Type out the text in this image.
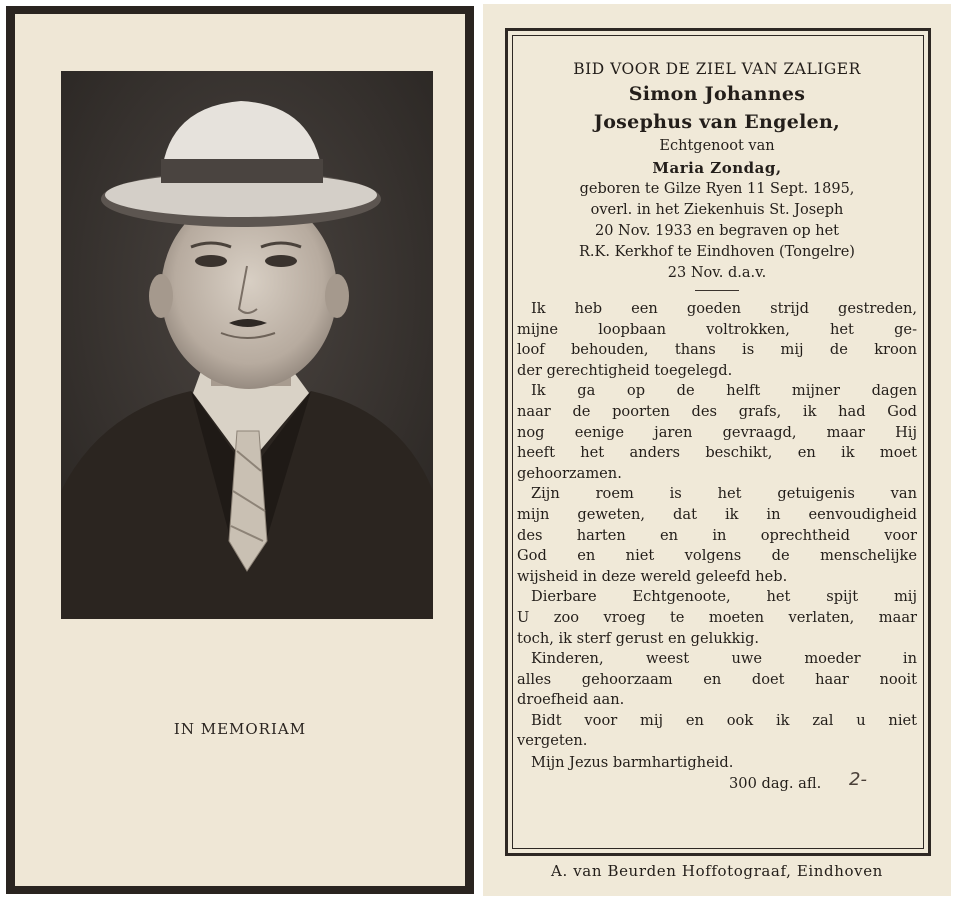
IN MEMORIAM
BID VOOR DE ZIEL VAN ZALIGER
Simon Johannes
Josephus van Engelen,
Echtgenoot van
Maria Zondag,
geboren te Gilze Ryen 11 Sept. 1895,
overl. in het Ziekenhuis St. Joseph
20 Nov. 1933 en begraven op het
R.K. Kerkhof te Eindhoven (Tongelre)
23 Nov. d.a.v.
Ik heb een goeden strijd gestreden,
mijne loopbaan voltrokken, het ge-
loof behouden, thans is mij de kroon
der gerechtigheid toegelegd.
Ik ga op de helft mijner dagen
naar de poorten des grafs, ik had God
nog eenige jaren gevraagd, maar Hij
heeft het anders beschikt, en ik moet
gehoorzamen.
Zijn roem is het getuigenis van
mijn geweten, dat ik in eenvoudigheid
des harten en in oprechtheid voor
God en niet volgens de menschelijke
wijsheid in deze wereld geleefd heb.
Dierbare Echtgenoote, het spijt mij
U zoo vroeg te moeten verlaten, maar
toch, ik sterf gerust en gelukkig.
Kinderen, weest uwe moeder in
alles gehoorzaam en doet haar nooit
droefheid aan.
Bidt voor mij en ook ik zal u niet
vergeten.
Mijn Jezus barmhartigheid.
300 dag. afl. 2-
A. van Beurden Hoffotograaf, Eindhoven
